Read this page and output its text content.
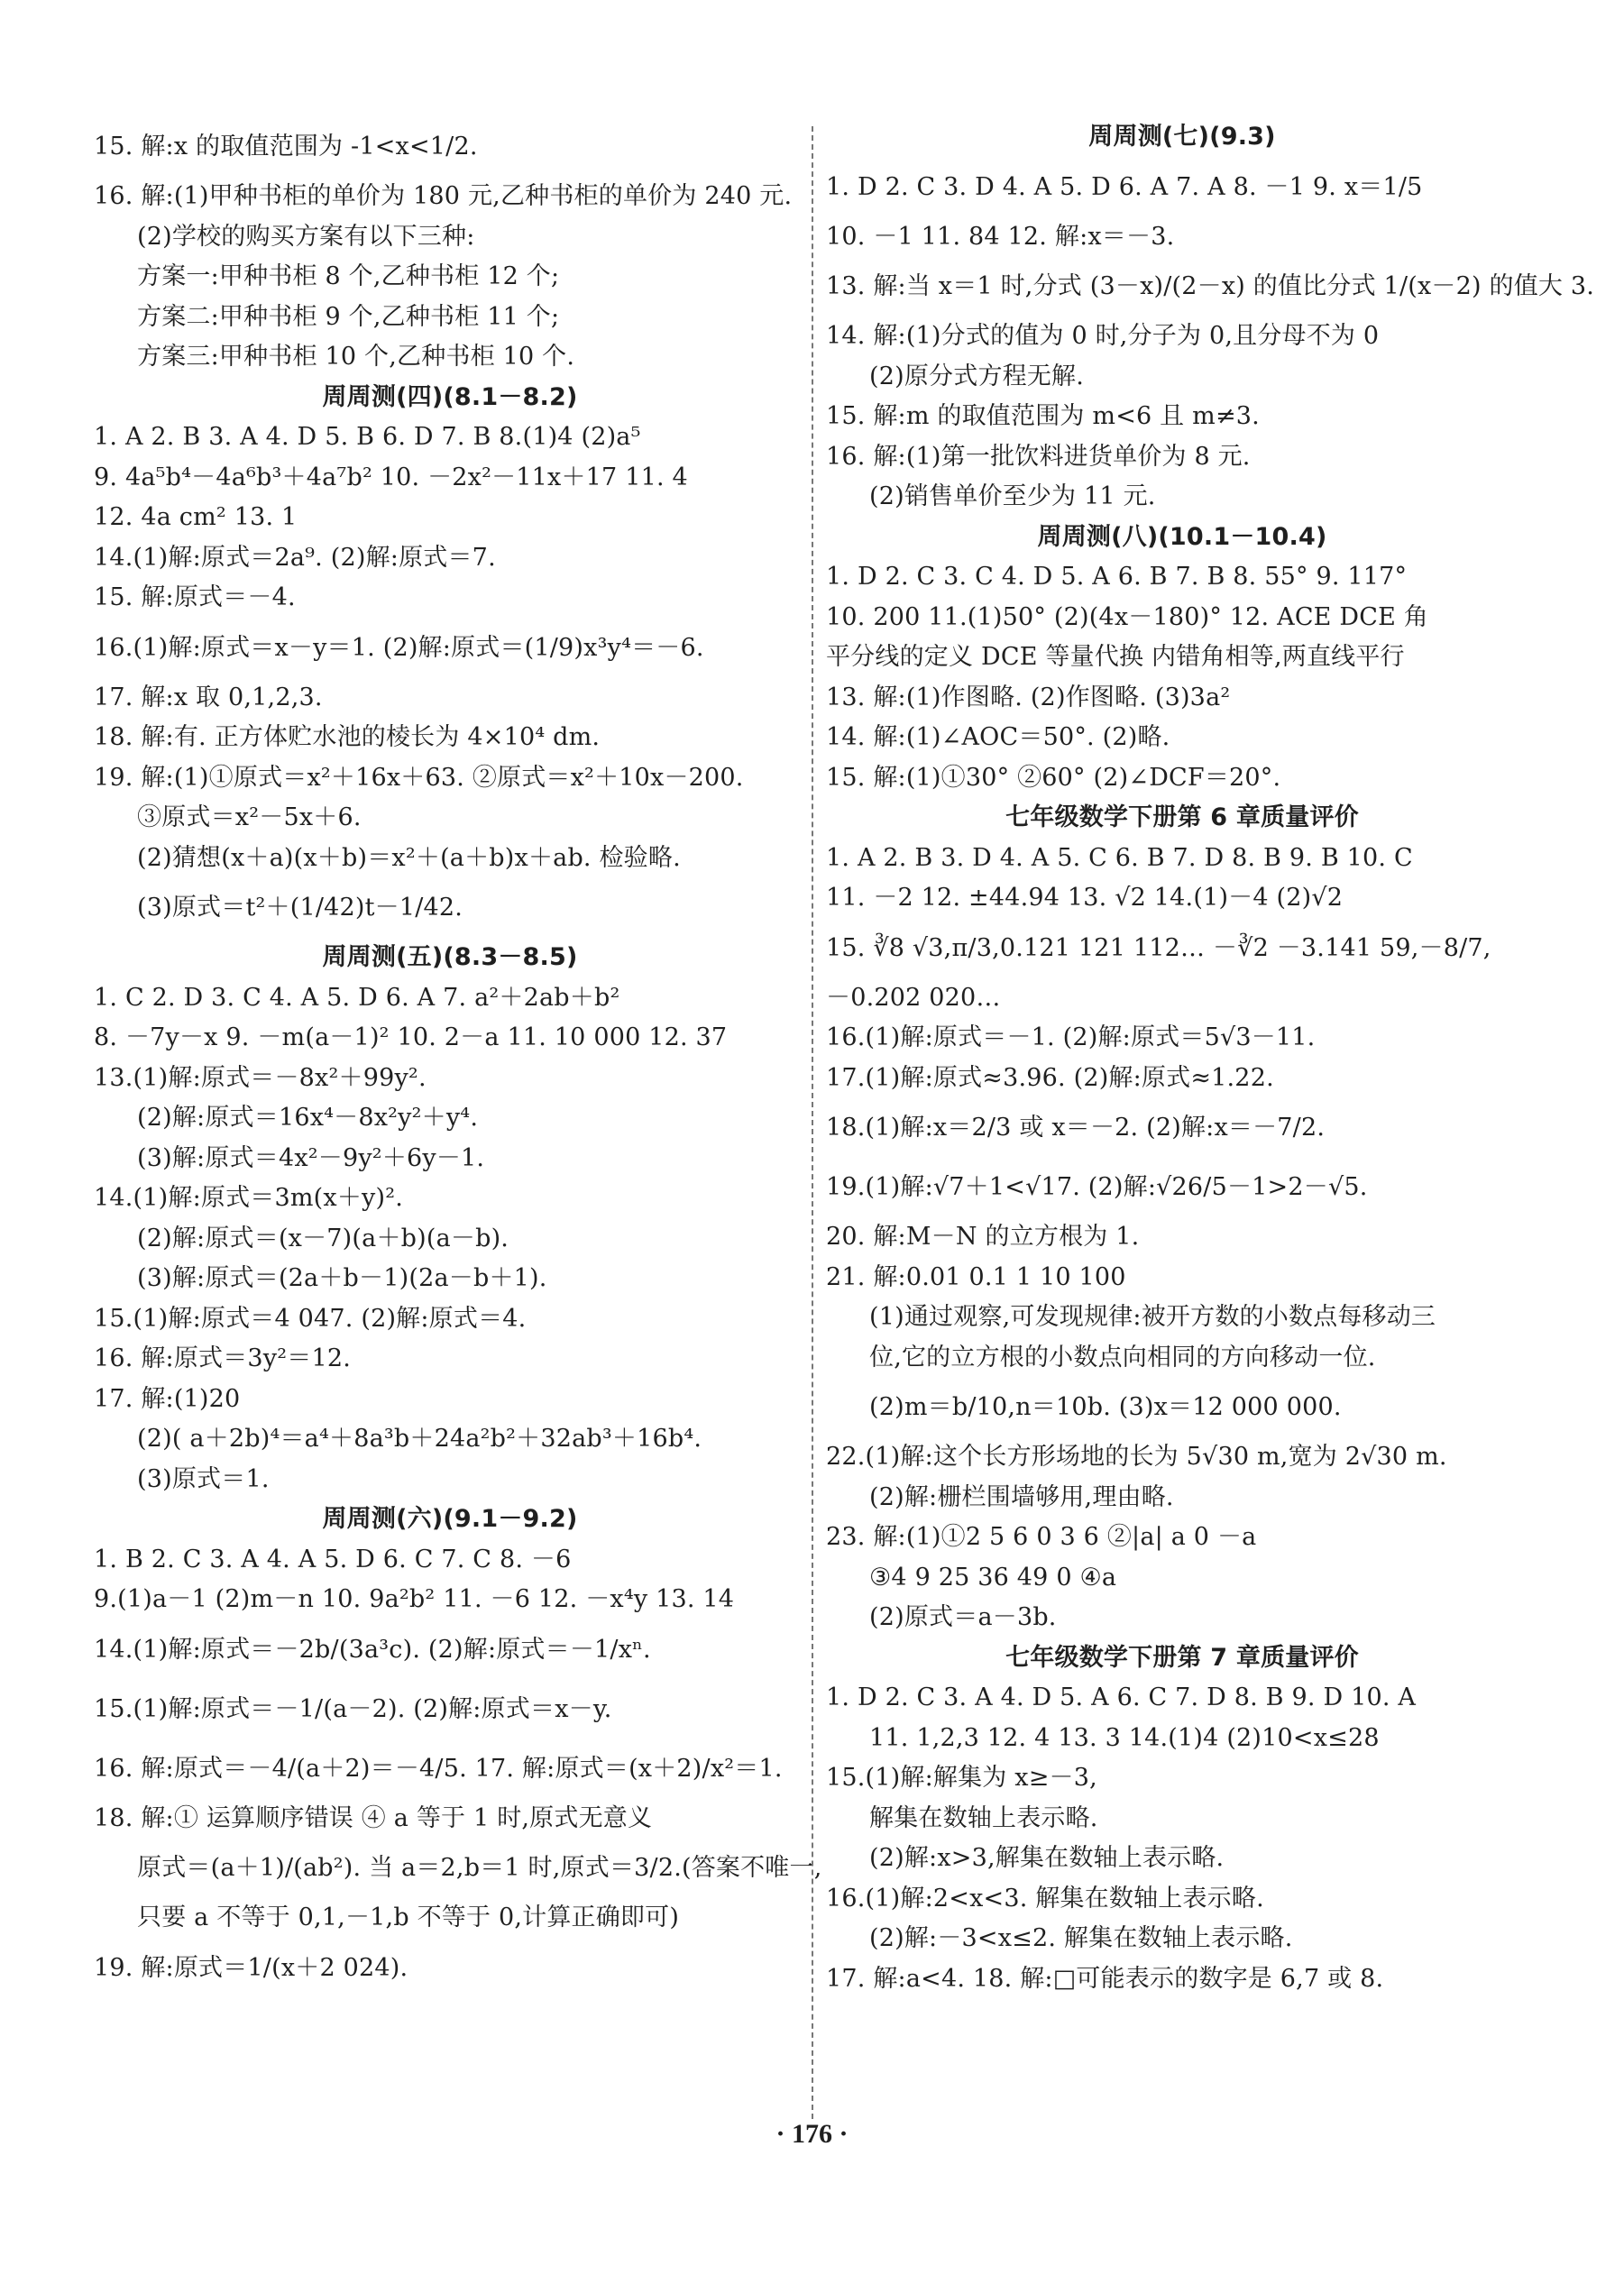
15. 解:x 的取值范围为 -1<x<1/2.
16. 解:(1)甲种书柜的单价为 180 元,乙种书柜的单价为 240 元.
(2)学校的购买方案有以下三种:
方案一:甲种书柜 8 个,乙种书柜 12 个;
方案二:甲种书柜 9 个,乙种书柜 11 个;
方案三:甲种书柜 10 个,乙种书柜 10 个.
周周测(四)(8.1－8.2)
1. A 2. B 3. A 4. D 5. B 6. D 7. B 8.(1)4 (2)a⁵
9. 4a⁵b⁴－4a⁶b³＋4a⁷b² 10. －2x²－11x＋17 11. 4
12. 4a cm² 13. 1
14.(1)解:原式＝2a⁹. (2)解:原式＝7.
15. 解:原式＝－4.
16.(1)解:原式＝x－y＝1. (2)解:原式＝(1/9)x³y⁴＝－6.
17. 解:x 取 0,1,2,3.
18. 解:有. 正方体贮水池的棱长为 4×10⁴ dm.
19. 解:(1)①原式＝x²＋16x＋63. ②原式＝x²＋10x－200.
③原式＝x²－5x＋6.
(2)猜想(x＋a)(x＋b)＝x²＋(a＋b)x＋ab. 检验略.
(3)原式＝t²＋(1/42)t－1/42.
周周测(五)(8.3－8.5)
1. C 2. D 3. C 4. A 5. D 6. A 7. a²＋2ab＋b²
8. －7y－x 9. －m(a－1)² 10. 2－a 11. 10 000 12. 37
13.(1)解:原式＝－8x²＋99y².
(2)解:原式＝16x⁴－8x²y²＋y⁴.
(3)解:原式＝4x²－9y²＋6y－1.
14.(1)解:原式＝3m(x＋y)².
(2)解:原式＝(x－7)(a＋b)(a－b).
(3)解:原式＝(2a＋b－1)(2a－b＋1).
15.(1)解:原式＝4 047. (2)解:原式＝4.
16. 解:原式＝3y²＝12.
17. 解:(1)20
(2)( a＋2b)⁴＝a⁴＋8a³b＋24a²b²＋32ab³＋16b⁴.
(3)原式＝1.
周周测(六)(9.1－9.2)
1. B 2. C 3. A 4. A 5. D 6. C 7. C 8. －6
9.(1)a－1 (2)m－n 10. 9a²b² 11. －6 12. －x⁴y 13. 14
14.(1)解:原式＝－2b/(3a³c). (2)解:原式＝－1/xⁿ.
15.(1)解:原式＝－1/(a－2). (2)解:原式＝x－y.
16. 解:原式＝－4/(a＋2)＝－4/5. 17. 解:原式＝(x＋2)/x²＝1.
18. 解:① 运算顺序错误 ④ a 等于 1 时,原式无意义
原式＝(a＋1)/(ab²). 当 a＝2,b＝1 时,原式＝3/2.(答案不唯一,
只要 a 不等于 0,1,－1,b 不等于 0,计算正确即可)
19. 解:原式＝1/(x＋2 024).
周周测(七)(9.3)
1. D 2. C 3. D 4. A 5. D 6. A 7. A 8. －1 9. x＝1/5
10. －1 11. 84 12. 解:x＝－3.
13. 解:当 x＝1 时,分式 (3－x)/(2－x) 的值比分式 1/(x－2) 的值大 3.
14. 解:(1)分式的值为 0 时,分子为 0,且分母不为 0
(2)原分式方程无解.
15. 解:m 的取值范围为 m<6 且 m≠3.
16. 解:(1)第一批饮料进货单价为 8 元.
(2)销售单价至少为 11 元.
周周测(八)(10.1－10.4)
1. D 2. C 3. C 4. D 5. A 6. B 7. B 8. 55° 9. 117°
10. 200 11.(1)50° (2)(4x－180)° 12. ACE DCE 角
平分线的定义 DCE 等量代换 内错角相等,两直线平行
13. 解:(1)作图略. (2)作图略. (3)3a²
14. 解:(1)∠AOC＝50°. (2)略.
15. 解:(1)①30° ②60° (2)∠DCF＝20°.
七年级数学下册第 6 章质量评价
1. A 2. B 3. D 4. A 5. C 6. B 7. D 8. B 9. B 10. C
11. －2 12. ±44.94 13. √2 14.(1)－4 (2)√2
15. ∛8 √3,π/3,0.121 121 112… －∛2 －3.141 59,－8/7,
－0.202 020…
16.(1)解:原式＝－1. (2)解:原式＝5√3－11.
17.(1)解:原式≈3.96. (2)解:原式≈1.22.
18.(1)解:x＝2/3 或 x＝－2. (2)解:x＝－7/2.
19.(1)解:√7＋1<√17. (2)解:√26/5－1>2－√5.
20. 解:M－N 的立方根为 1.
21. 解:0.01 0.1 1 10 100
(1)通过观察,可发现规律:被开方数的小数点每移动三
位,它的立方根的小数点向相同的方向移动一位.
(2)m＝b/10,n＝10b. (3)x＝12 000 000.
22.(1)解:这个长方形场地的长为 5√30 m,宽为 2√30 m.
(2)解:栅栏围墙够用,理由略.
23. 解:(1)①2 5 6 0 3 6 ②|a| a 0 －a
③4 9 25 36 49 0 ④a
(2)原式＝a－3b.
七年级数学下册第 7 章质量评价
1. D 2. C 3. A 4. D 5. A 6. C 7. D 8. B 9. D 10. A
11. 1,2,3 12. 4 13. 3 14.(1)4 (2)10<x≤28
15.(1)解:解集为 x≥－3,
解集在数轴上表示略.
(2)解:x>3,解集在数轴上表示略.
16.(1)解:2<x<3. 解集在数轴上表示略.
(2)解:－3<x≤2. 解集在数轴上表示略.
17. 解:a<4. 18. 解:□可能表示的数字是 6,7 或 8.
· 176 ·
